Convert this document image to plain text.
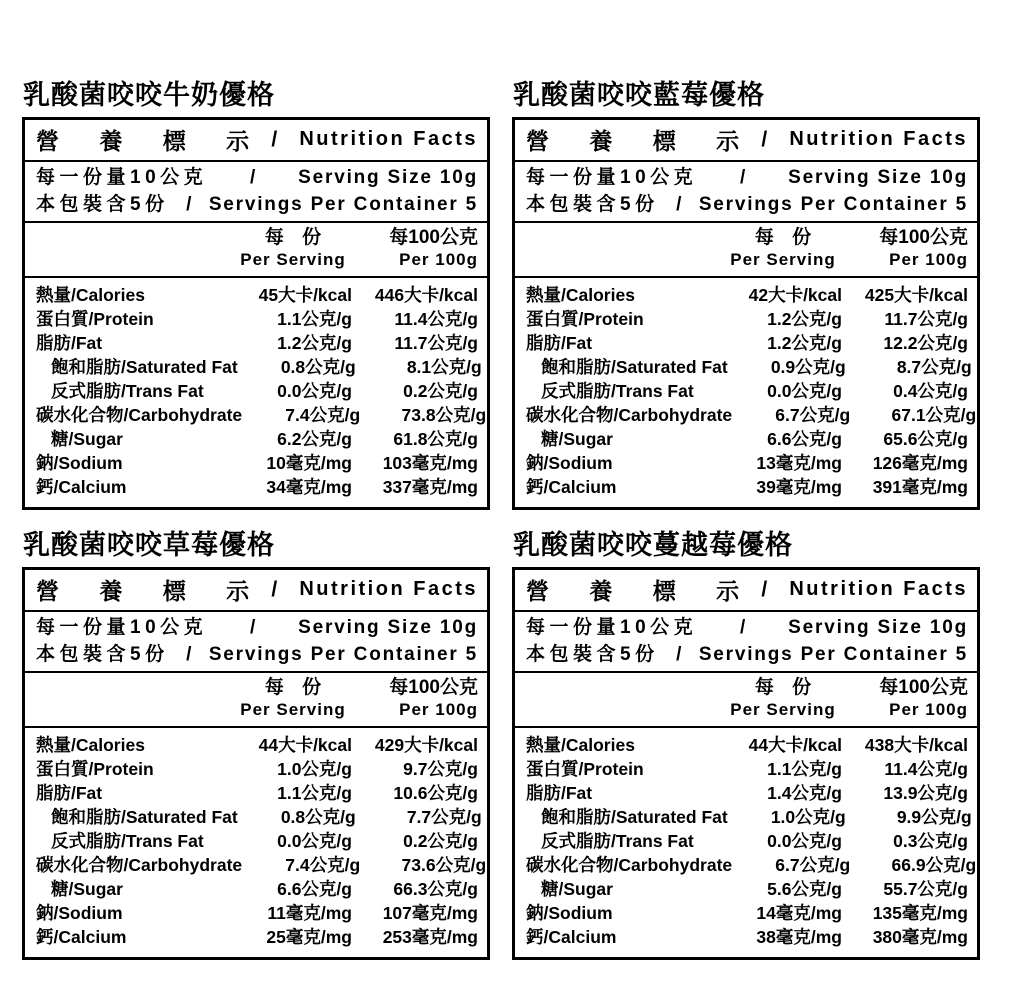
乳酸菌咬咬牛奶優格
營 養 標 示 / Nutrition Facts
每一份量10公克 / Serving Size 10g
本包裝含5份 / Servings Per Container 5
每 份
Per Serving
每100公克
Per 100g
熱量/Calories	45大卡/kcal	446大卡/kcal
蛋白質/Protein	1.1公克/g	11.4公克/g
脂肪/Fat	1.2公克/g	11.7公克/g
飽和脂肪/Saturated Fat	0.8公克/g	8.1公克/g
反式脂肪/Trans Fat	0.0公克/g	0.2公克/g
碳水化合物/Carbohydrate	7.4公克/g	73.8公克/g
糖/Sugar	6.2公克/g	61.8公克/g
鈉/Sodium	10毫克/mg	103毫克/mg
鈣/Calcium	34毫克/mg	337毫克/mg
乳酸菌咬咬藍莓優格
營 養 標 示 / Nutrition Facts
每一份量10公克 / Serving Size 10g
本包裝含5份 / Servings Per Container 5
每 份
Per Serving
每100公克
Per 100g
熱量/Calories	42大卡/kcal	425大卡/kcal
蛋白質/Protein	1.2公克/g	11.7公克/g
脂肪/Fat	1.2公克/g	12.2公克/g
飽和脂肪/Saturated Fat	0.9公克/g	8.7公克/g
反式脂肪/Trans Fat	0.0公克/g	0.4公克/g
碳水化合物/Carbohydrate	6.7公克/g	67.1公克/g
糖/Sugar	6.6公克/g	65.6公克/g
鈉/Sodium	13毫克/mg	126毫克/mg
鈣/Calcium	39毫克/mg	391毫克/mg
乳酸菌咬咬草莓優格
營 養 標 示 / Nutrition Facts
每一份量10公克 / Serving Size 10g
本包裝含5份 / Servings Per Container 5
每 份
Per Serving
每100公克
Per 100g
熱量/Calories	44大卡/kcal	429大卡/kcal
蛋白質/Protein	1.0公克/g	9.7公克/g
脂肪/Fat	1.1公克/g	10.6公克/g
飽和脂肪/Saturated Fat	0.8公克/g	7.7公克/g
反式脂肪/Trans Fat	0.0公克/g	0.2公克/g
碳水化合物/Carbohydrate	7.4公克/g	73.6公克/g
糖/Sugar	6.6公克/g	66.3公克/g
鈉/Sodium	11毫克/mg	107毫克/mg
鈣/Calcium	25毫克/mg	253毫克/mg
乳酸菌咬咬蔓越莓優格
營 養 標 示 / Nutrition Facts
每一份量10公克 / Serving Size 10g
本包裝含5份 / Servings Per Container 5
每 份
Per Serving
每100公克
Per 100g
熱量/Calories	44大卡/kcal	438大卡/kcal
蛋白質/Protein	1.1公克/g	11.4公克/g
脂肪/Fat	1.4公克/g	13.9公克/g
飽和脂肪/Saturated Fat	1.0公克/g	9.9公克/g
反式脂肪/Trans Fat	0.0公克/g	0.3公克/g
碳水化合物/Carbohydrate	6.7公克/g	66.9公克/g
糖/Sugar	5.6公克/g	55.7公克/g
鈉/Sodium	14毫克/mg	135毫克/mg
鈣/Calcium	38毫克/mg	380毫克/mg
